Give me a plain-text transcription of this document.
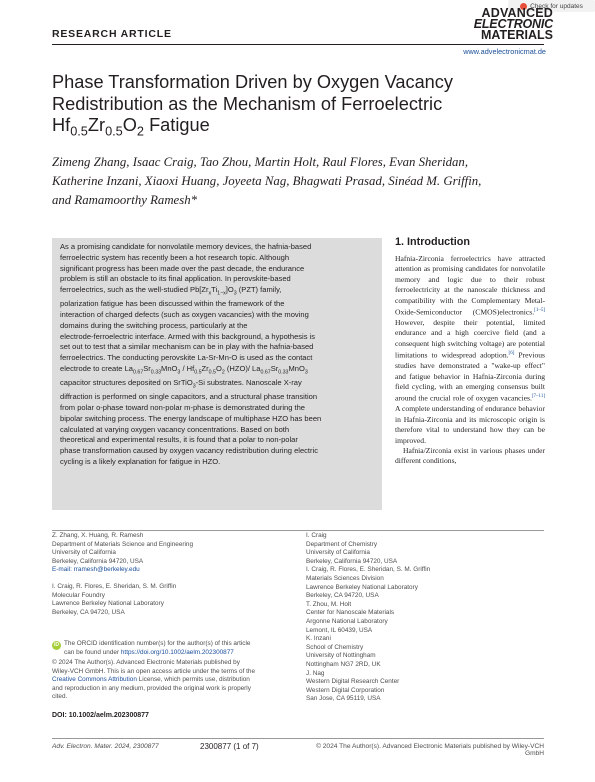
RESEARCH ARTICLE
Check for updates
ADVANCED
ELECTRONIC
MATERIALS
www.advelectronicmat.de
Phase Transformation Driven by Oxygen Vacancy
Redistribution as the Mechanism of Ferroelectric
$Hf_{0.5}Zr_{0.5}O_2$ Fatigue
Zimeng Zhang, Isaac Craig, Tao Zhou, Martin Holt, Raul Flores, Evan Sheridan,
Katherine Inzani, Xiaoxi Huang, Joyeeta Nag, Bhagwati Prasad, Sinéad M. Griffin,
and Ramamoorthy Ramesh*
As a promising candidate for nonvolatile memory devices, the hafnia-based
ferroelectric system has recently been a hot research topic. Although
significant progress has been made over the past decade, the endurance
problem is still an obstacle to its final application. In perovskite-based
ferroelectrics, such as the well-studied $Pb[Zr_xTi_{1-x}]O_3$ (PZT) family,
polarization fatigue has been discussed within the framework of the
interaction of charged defects (such as oxygen vacancies) with the moving
domains during the switching process, particularly at the
electrode-ferroelectric interface. Armed with this background, a hypothesis is
set out to test that a similar mechanism can be in play with the hafnia-based
ferroelectrics. The conducting perovskite La-Sr-Mn-O is used as the contact
electrode to create $La_{0.67}Sr_{0.33}MnO_3 / Hf_{0.5}Zr_{0.5}O_2$ (HZO)/ $La_{0.67}Sr_{0.33}MnO_3$
capacitor structures deposited on SrTiO$_3$-Si substrates. Nanoscale X-ray
diffraction is performed on single capacitors, and a structural phase transition
from polar o-phase toward non-polar m-phase is demonstrated during the
bipolar switching process. The energy landscape of multiphase HZO has been
calculated at varying oxygen vacancy concentrations. Based on both
theoretical and experimental results, it is found that a polar to non-polar
phase transformation caused by oxygen vacancy redistribution during electric
cycling is a likely explanation for fatigue in HZO.
1. Introduction

Hafnia-Zirconia ferroelectrics have attracted attention as promising candidates for nonvolatile memory and logic due to their robust ferroelectricity at the nanoscale thickness and compatibility with the Complementary Metal-Oxide-Semiconductor (CMOS)electronics.[1–5] However, despite their potential, limited endurance and a high coercive field (and a consequent high switching voltage) are potential limitations to widespread adoption.[6] Previous studies have demonstrated a "wake-up effect" and fatigue behavior in Hafnia-Zirconia during field cycling, with an emerging consensus built around the crucial role of oxygen vacancies.[7–11] A complete understanding of endurance behavior in Hafnia-Zirconia and its microscopic origin is therefore vital to understand how they can be improved.

Hafnia/Zirconia exist in various phases under different conditions,

Z. Zhang, X. Huang, R. Ramesh
Department of Materials Science and Engineering
University of California
Berkeley, California 94720, USA
E-mail: rramesh@berkeley.edu
I. Craig, R. Flores, E. Sheridan, S. M. Griffin
Molecular Foundry
Lawrence Berkeley National Laboratory
Berkeley, CA 94720, USA
iD The ORCID identification number(s) for the author(s) of this article
can be found under https://doi.org/10.1002/aelm.202300877
© 2024 The Author(s). Advanced Electronic Materials published by
Wiley-VCH GmbH. This is an open access article under the terms of the
Creative Commons Attribution License, which permits use, distribution
and reproduction in any medium, provided the original work is properly
cited.
DOI: 10.1002/aelm.202300877
I. Craig
Department of Chemistry
University of California
Berkeley, California 94720, USA
I. Craig, R. Flores, E. Sheridan, S. M. Griffin
Materials Sciences Division
Lawrence Berkeley National Laboratory
Berkeley, CA 94720, USA
T. Zhou, M. Holt
Center for Nanoscale Materials
Argonne National Laboratory
Lemont, IL 60439, USA
K. Inzani
School of Chemistry
University of Nottingham
Nottingham NG7 2RD, UK
J. Nag
Western Digital Research Center
Western Digital Corporation
San Jose, CA 95119, USA
Adv. Electron. Mater. 2024, 2300877	2300877 (1 of 7)	© 2024 The Author(s). Advanced Electronic Materials published by Wiley-VCH GmbH
